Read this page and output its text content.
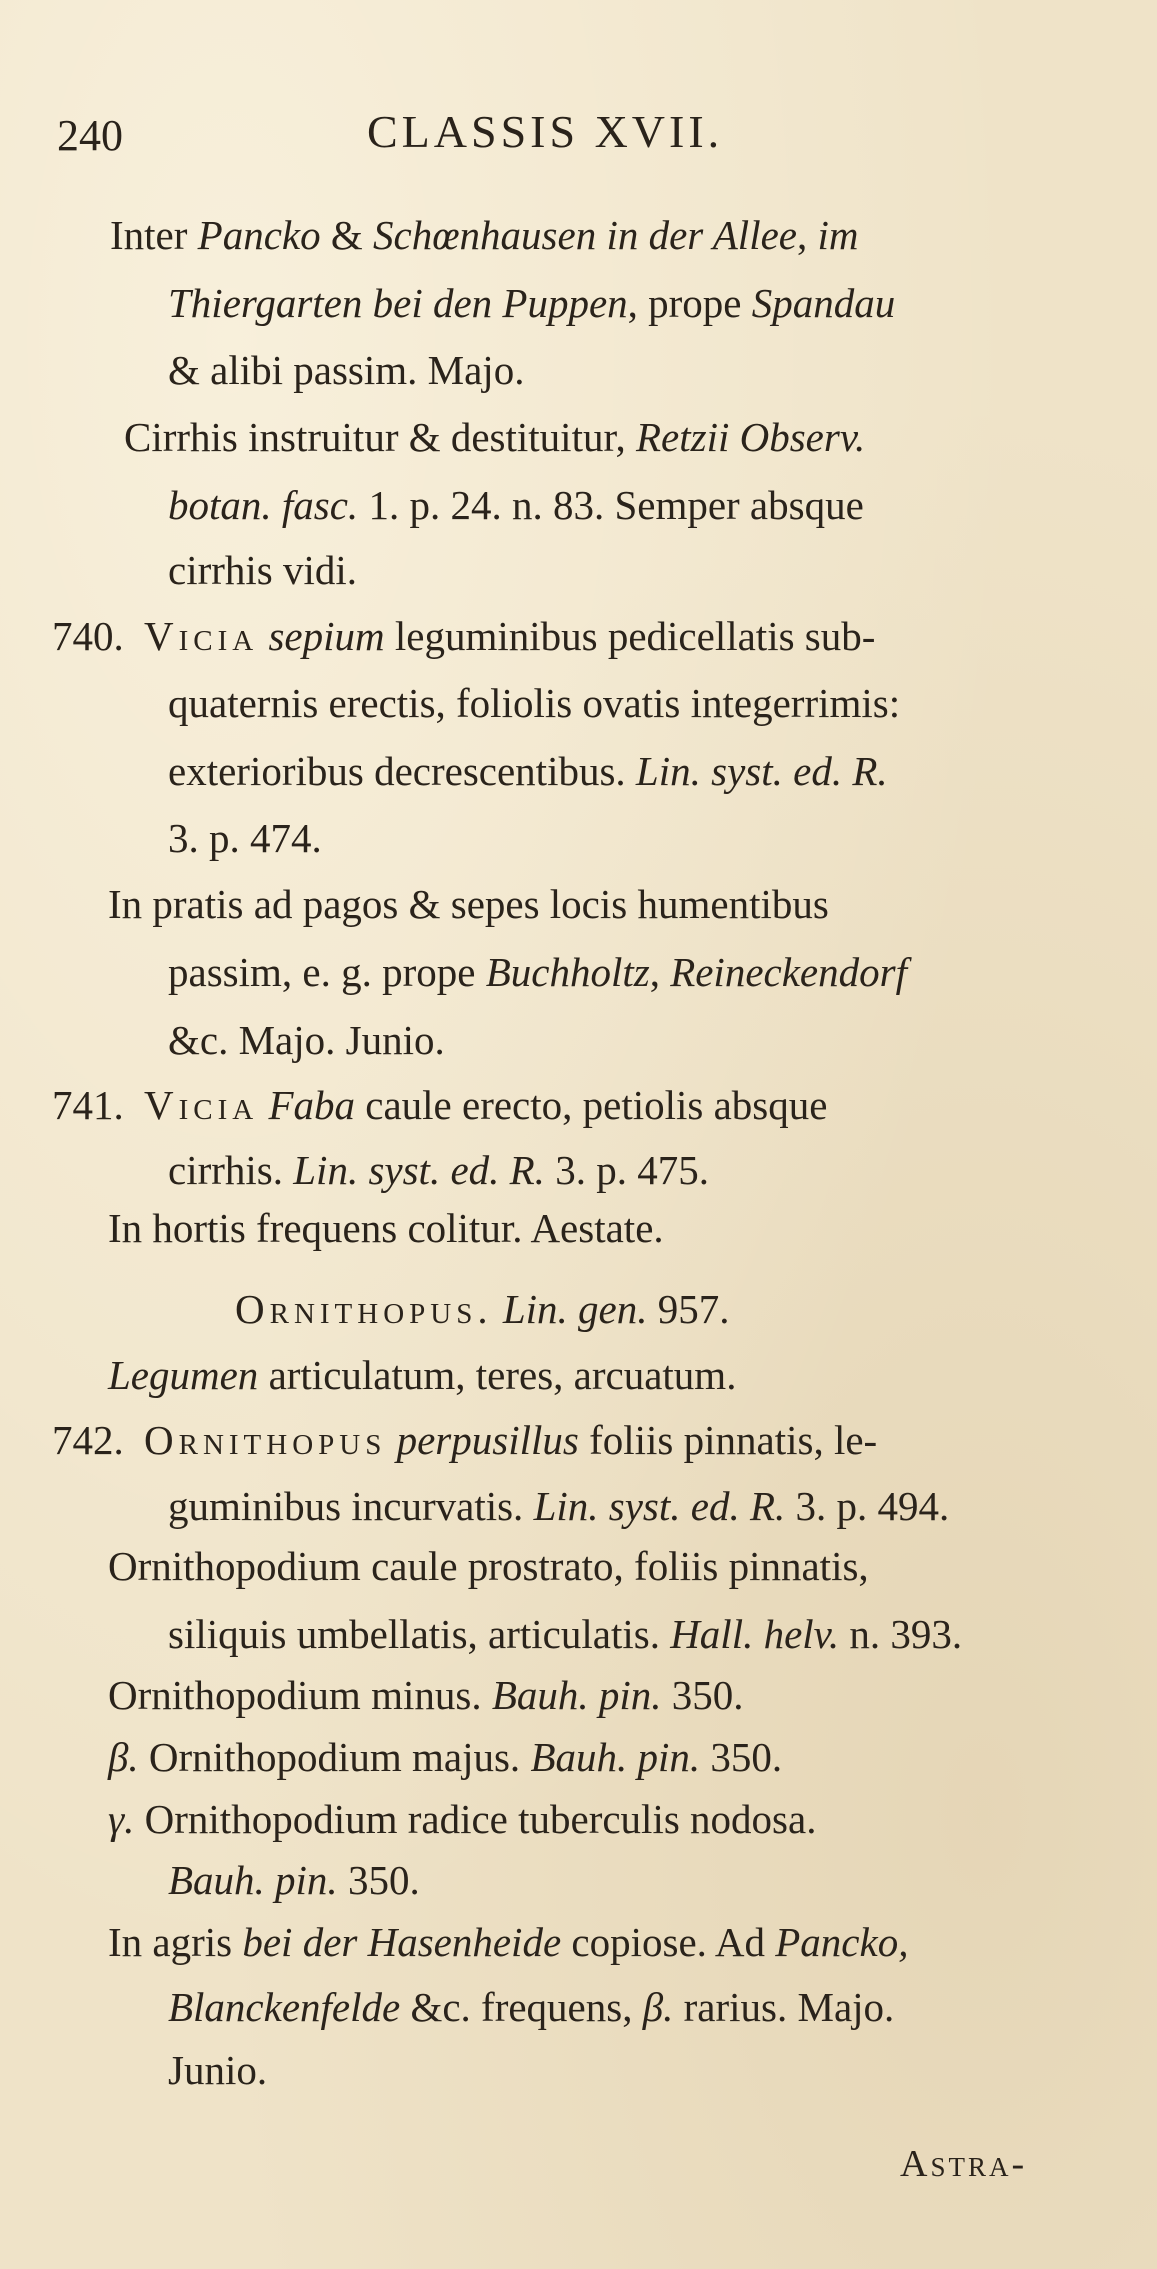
240	CLASSIS XVII.
Inter Pancko & Schœnhausen in der Allee, im
Thiergarten bei den Puppen, prope Spandau
& alibi passim. Majo.
Cirrhis instruitur & destituitur, Retzii Observ.
botan. fasc. 1. p. 24. n. 83. Semper absque
cirrhis vidi.
740. Vicia sepium leguminibus pedicellatis sub-
quaternis erectis, foliolis ovatis integerrimis:
exterioribus decrescentibus. Lin. syst. ed. R.
3. p. 474.
In pratis ad pagos & sepes locis humentibus
passim, e. g. prope Buchholtz, Reineckendorf
&c. Majo. Junio.
741. Vicia Faba caule erecto, petiolis absque
cirrhis. Lin. syst. ed. R. 3. p. 475.
In hortis frequens colitur. Aestate.
Ornithopus. Lin. gen. 957.
Legumen articulatum, teres, arcuatum.
742. Ornithopus perpusillus foliis pinnatis, le-
guminibus incurvatis. Lin. syst. ed. R. 3. p. 494.
Ornithopodium caule prostrato, foliis pinnatis,
siliquis umbellatis, articulatis. Hall. helv. n. 393.
Ornithopodium minus. Bauh. pin. 350.
β. Ornithopodium majus. Bauh. pin. 350.
γ. Ornithopodium radice tuberculis nodosa.
Bauh. pin. 350.
In agris bei der Hasenheide copiose. Ad Pancko,
Blanckenfelde &c. frequens, β. rarius. Majo.
Junio.
Astra-
